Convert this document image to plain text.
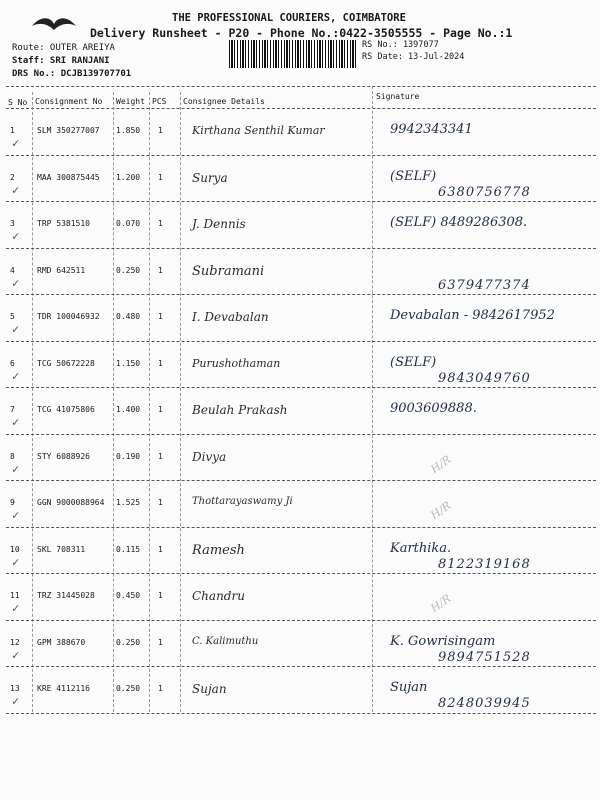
THE PROFESSIONAL COURIERS, COIMBATORE
Delivery Runsheet - P20 - Phone No.:0422-3505555 - Page No.:1
Route: OUTER AREIYA
Staff: SRI RANJANI
DRS No.: DCJB139707701
RS No.: 1397077
RS Date: 13-Jul-2024
S No Consignment No Weight PCS Consignee Details
Signature
1	SLM 350277007 1.850 1	Kirthana Senthil Kumar	9942343341
✓
2	MAA 300875445 1.200 1 Surya	(SELF)
6380756778
✓
3	TRP 5381510	0.070 1 J. Dennis	(SELF) 8489286308.
✓
4	RMD 642511	0.250 1 Subramani
6379477374
✓
5	TDR 100046932 0.480 1 I. Devabalan	Devabalan - 9842617952
✓
6	TCG 50672228	1.150 1	Purushothaman	(SELF)
9843049760
✓
7	TCG 41075806	1.400 1 Beulah Prakash	9003609888.
✓
8	STY 6088926	0.190 1 Divya	H/R
✓
9	GGN 9000088964 1.525 1	Thottarayaswamy Ji	H/R
✓
10 SKL 708311	0.115 1 Ramesh	Karthika.
8122319168
✓
11 TRZ 31445028	0.450 1 Chandru	H/R
✓
12 GPM 388670	0.250 1	C. Kalimuthu	K. Gowrisingam
9894751528
✓
13 KRE 4112116	0.250 1 Sujan	Sujan
8248039945
✓
